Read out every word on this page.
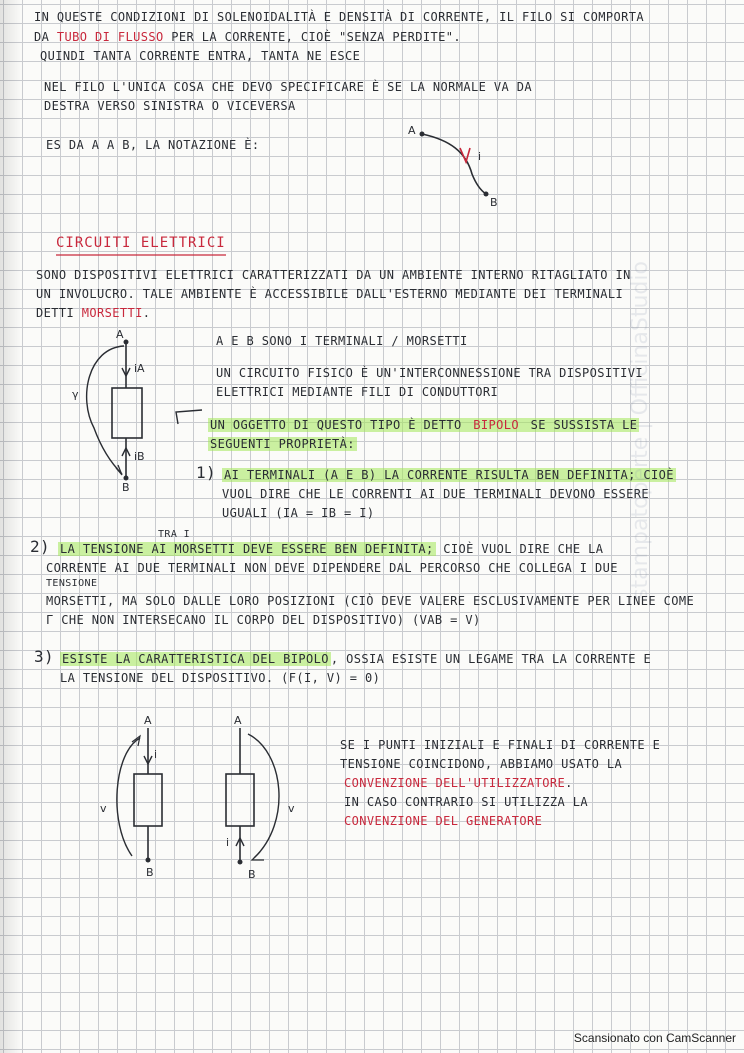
IN QUESTE CONDIZIONI DI SOLENOIDALITÀ E DENSITÀ DI CORRENTE, IL FILO SI COMPORTA

DA TUBO DI FLUSSO PER LA CORRENTE, CIOÈ "SENZA PERDITE".

QUINDI TANTA CORRENTE ENTRA, TANTA NE ESCE

NEL FILO L'UNICA COSA CHE DEVO SPECIFICARE È SE LA NORMALE VA DA

DESTRA VERSO SINISTRA O VICEVERSA

ES DA A A B, LA NOTAZIONE È:

A
i
B

CIRCUITI ELETTRICI

SONO DISPOSITIVI ELETTRICI CARATTERIZZATI DA UN AMBIENTE INTERNO RITAGLIATO IN

UN INVOLUCRO. TALE AMBIENTE È ACCESSIBILE DALL'ESTERNO MEDIANTE DEI TERMINALI

DETTI MORSETTI.

A
iA
γ
iB
B

A E B SONO I TERMINALI / MORSETTI

UN CIRCUITO FISICO È UN'INTERCONNESSIONE TRA DISPOSITIVI

ELETTRICI MEDIANTE FILI DI CONDUTTORI

UN OGGETTO DI QUESTO TIPO È DETTO BIPOLO SE SUSSISTA LE

SEGUENTI PROPRIETÀ:

1) AI TERMINALI (A E B) LA CORRENTE RISULTA BEN DEFINITA; CIOÈ

VUOL DIRE CHE LE CORRENTI AI DUE TERMINALI DEVONO ESSERE

UGUALI (IA = IB = I)

TRA I

2) LA TENSIONE AI MORSETTI DEVE ESSERE BEN DEFINITA; CIOÈ VUOL DIRE CHE LA

CORRENTE AI DUE TERMINALI NON DEVE DIPENDERE DAL PERCORSO CHE COLLEGA I DUE

TENSIONE

MORSETTI, MA SOLO DALLE LORO POSIZIONI (CIÒ DEVE VALERE ESCLUSIVAMENTE PER LINEE COME

Γ CHE NON INTERSECANO IL CORPO DEL DISPOSITIVO) (VAB = V)

3) ESISTE LA CARATTERISTICA DEL BIPOLO , OSSIA ESISTE UN LEGAME TRA LA CORRENTE E

LA TENSIONE DEL DISPOSITIVO. (F(I, V) = 0)

A
i
v
B
A
i
v
B

SE I PUNTI INIZIALI E FINALI DI CORRENTE E

TENSIONE COINCIDONO, ABBIAMO USATO LA

CONVENZIONE DELL'UTILIZZATORE.

IN CASO CONTRARIO SI UTILIZZA LA

CONVENZIONE DEL GENERATORE

stampatoperte | OfficinaStudio
Scansionato con CamScanner
